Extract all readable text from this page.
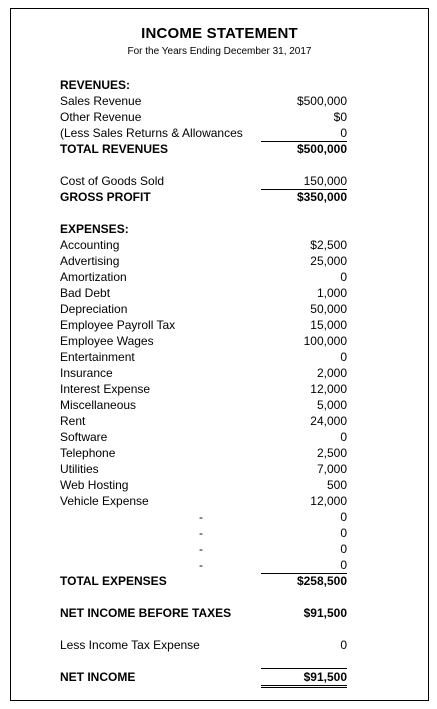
INCOME STATEMENT
For the Years Ending December 31, 2017
REVENUES:
Sales Revenue	$500,000
Other Revenue	$0
(Less Sales Returns & Allowances	0
TOTAL REVENUES	$500,000
Cost of Goods Sold	150,000
GROSS PROFIT	$350,000
EXPENSES:
Accounting	$2,500
Advertising	25,000
Amortization	0
Bad Debt	1,000
Depreciation	50,000
Employee Payroll Tax	15,000
Employee Wages	100,000
Entertainment	0
Insurance	2,000
Interest Expense	12,000
Miscellaneous	5,000
Rent	24,000
Software	0
Telephone	2,500
Utilities	7,000
Web Hosting	500
Vehicle Expense	12,000
-	0
-	0
-	0
-	0
TOTAL EXPENSES	$258,500
NET INCOME BEFORE TAXES	$91,500
Less Income Tax Expense	0
NET INCOME	$91,500
